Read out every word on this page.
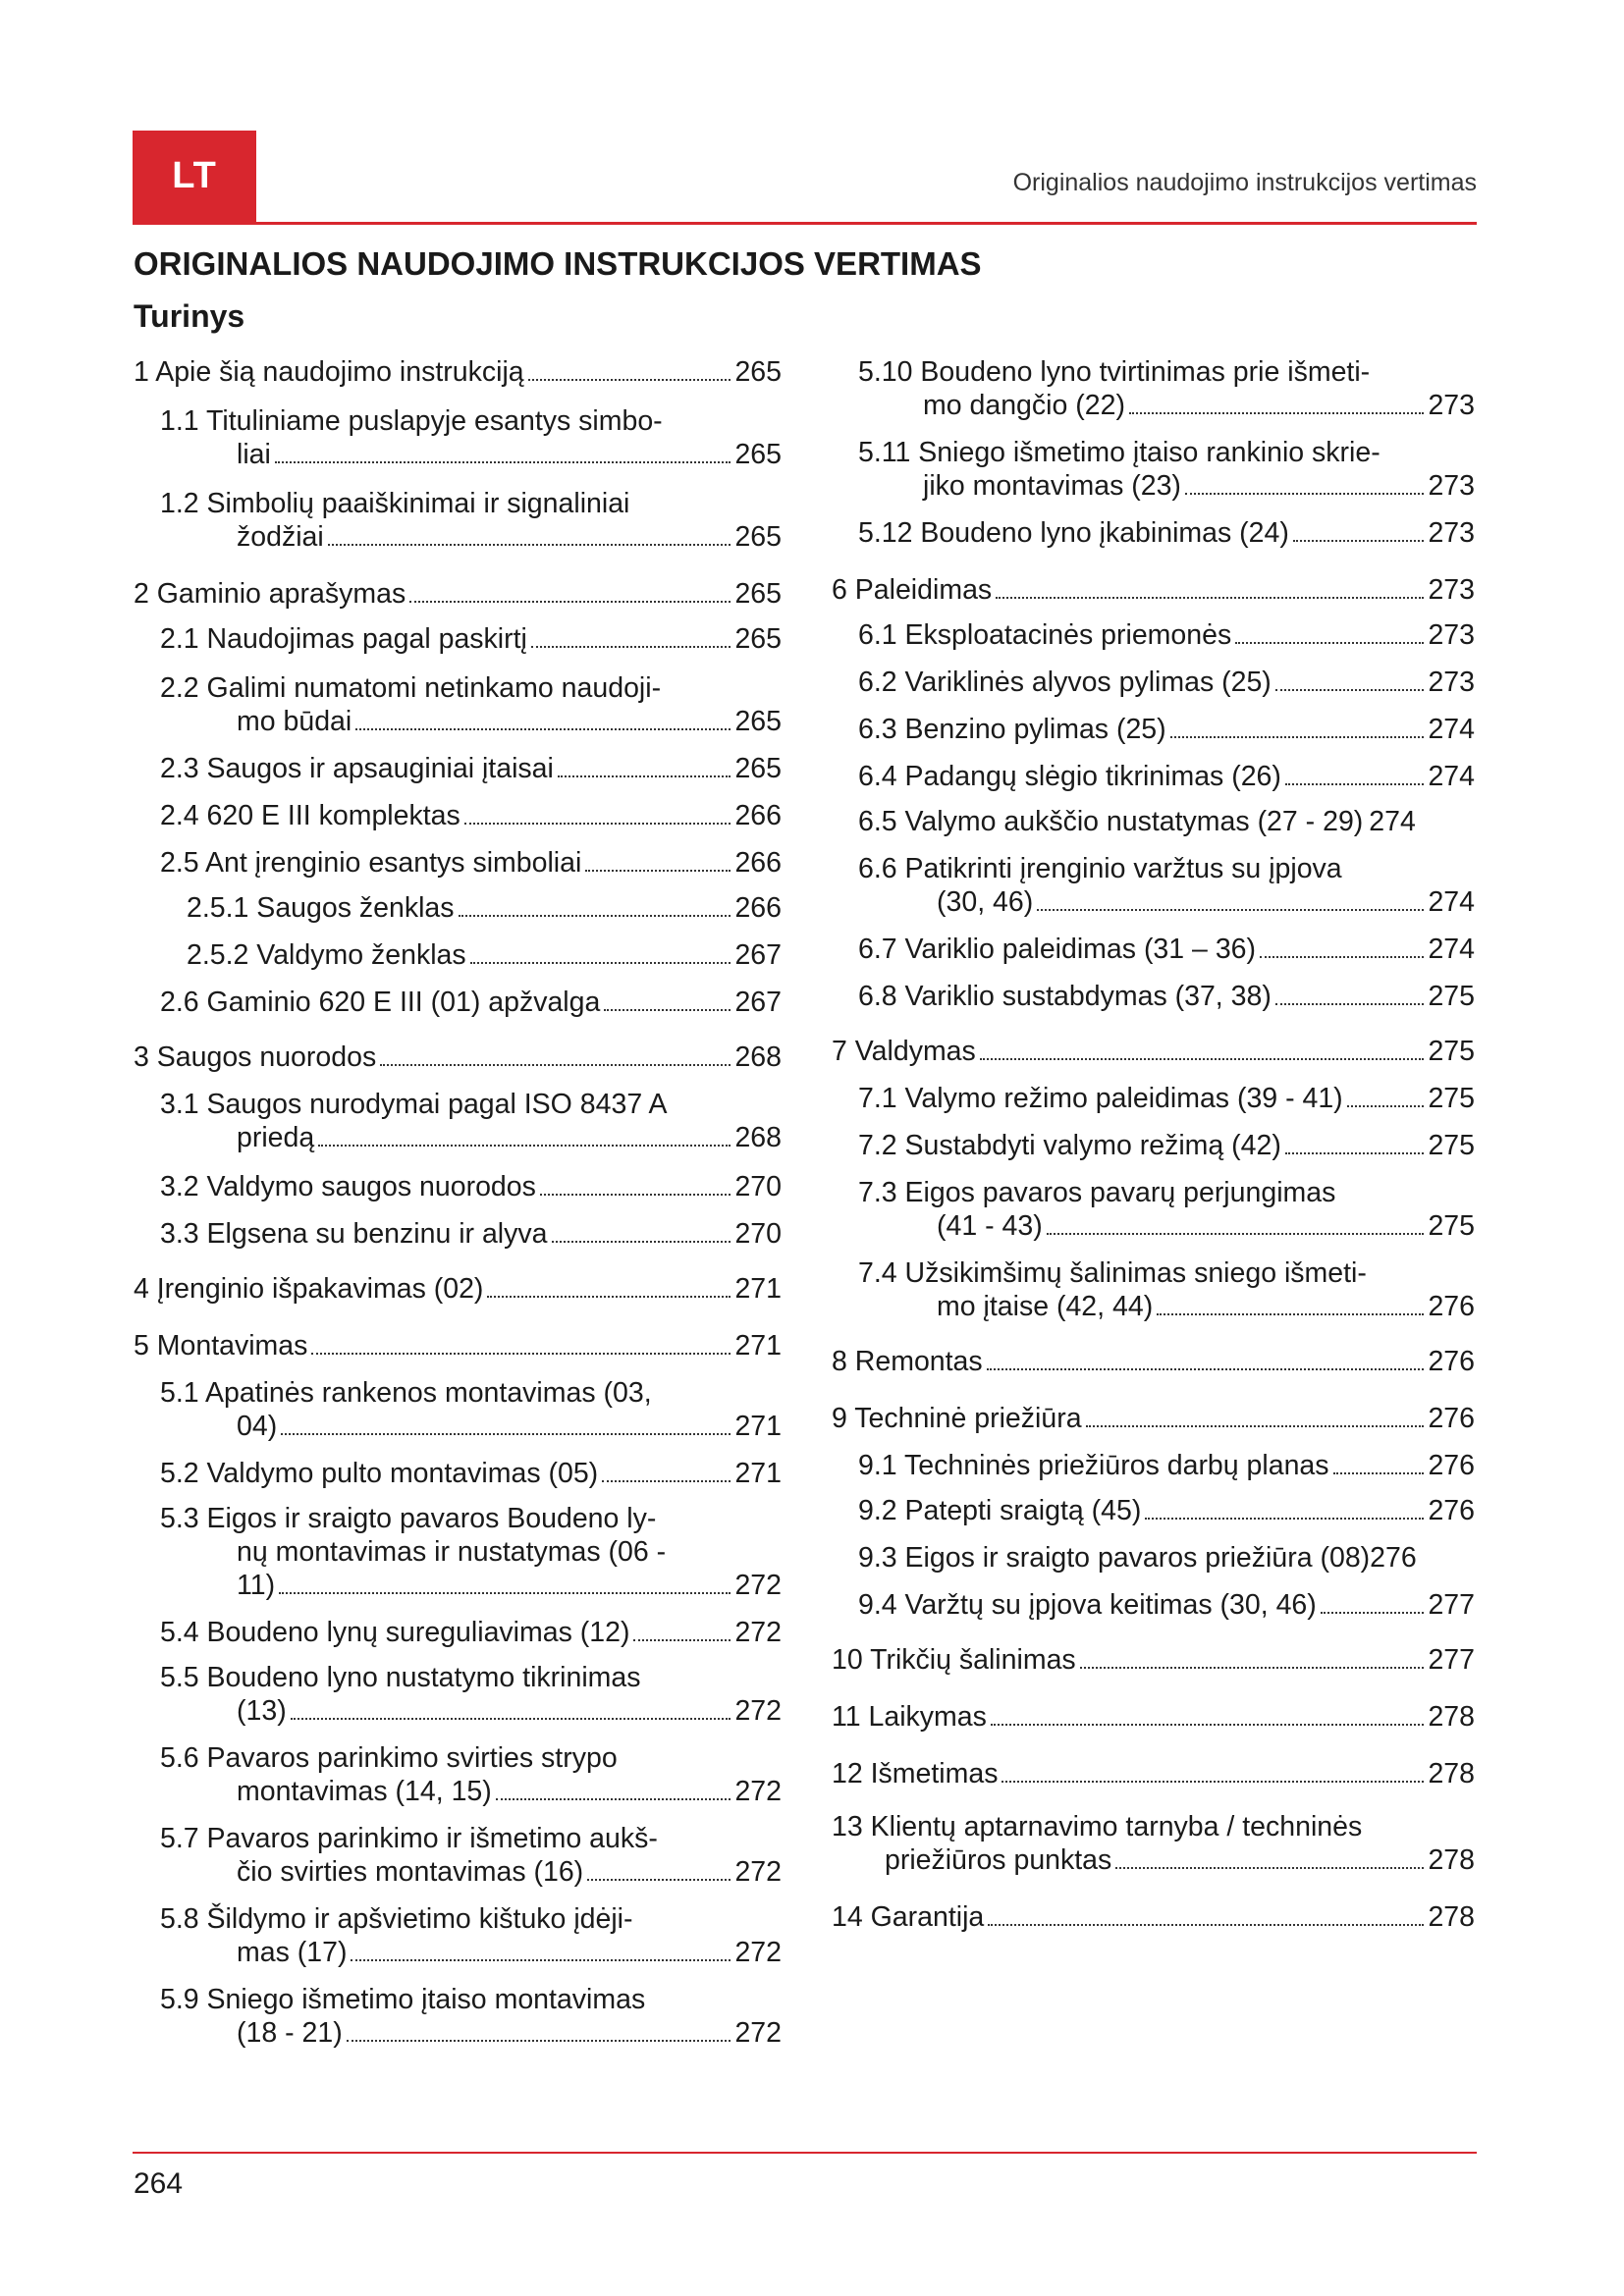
LT	Originalios naudojimo instrukcijos vertimas
ORIGINALIOS NAUDOJIMO INSTRUKCIJOS VERTIMAS
Turinys
1 Apie šią naudojimo instrukciją	265
1.1 Tituliniame puslapyje esantys simbo-
liai	265
1.2 Simbolių paaiškinimai ir signaliniai
žodžiai	265
2 Gaminio aprašymas	265
2.1 Naudojimas pagal paskirtį	265
2.2 Galimi numatomi netinkamo naudoji-
mo būdai	265
2.3 Saugos ir apsauginiai įtaisai	265
2.4 620 E III komplektas	266
2.5 Ant įrenginio esantys simboliai	266
2.5.1 Saugos ženklas	266
2.5.2 Valdymo ženklas	267
2.6 Gaminio 620 E III (01) apžvalga	267
3 Saugos nuorodos	268
3.1 Saugos nurodymai pagal ISO 8437 A
priedą	268
3.2 Valdymo saugos nuorodos	270
3.3 Elgsena su benzinu ir alyva	270
4 Įrenginio išpakavimas (02)	271
5 Montavimas	271
5.1 Apatinės rankenos montavimas (03,
04)	271
5.2 Valdymo pulto montavimas (05)	271
5.3 Eigos ir sraigto pavaros Boudeno ly-
nų montavimas ir nustatymas (06 -
11)	272
5.4 Boudeno lynų sureguliavimas (12)	272
5.5 Boudeno lyno nustatymo tikrinimas
(13)	272
5.6 Pavaros parinkimo svirties strypo
montavimas (14, 15)	272
5.7 Pavaros parinkimo ir išmetimo aukš-
čio svirties montavimas (16)	272
5.8 Šildymo ir apšvietimo kištuko įdėji-
mas (17)	272
5.9 Sniego išmetimo įtaiso montavimas
(18 - 21)	272
5.10 Boudeno lyno tvirtinimas prie išmeti-
mo dangčio (22)	273
5.11 Sniego išmetimo įtaiso rankinio skrie-
jiko montavimas (23)	273
5.12 Boudeno lyno įkabinimas (24)	273
6 Paleidimas	273
6.1 Eksploatacinės priemonės	273
6.2 Variklinės alyvos pylimas (25)	273
6.3 Benzino pylimas (25)	274
6.4 Padangų slėgio tikrinimas (26)	274
6.5 Valymo aukščio nustatymas (27 - 29) 274
6.6 Patikrinti įrenginio varžtus su įpjova
(30, 46)	274
6.7 Variklio paleidimas (31 – 36)	274
6.8 Variklio sustabdymas (37, 38)	275
7 Valdymas	275
7.1 Valymo režimo paleidimas (39 - 41)	275
7.2 Sustabdyti valymo režimą (42)	275
7.3 Eigos pavaros pavarų perjungimas
(41 - 43)	275
7.4 Užsikimšimų šalinimas sniego išmeti-
mo įtaise (42, 44)	276
8 Remontas	276
9 Techninė priežiūra	276
9.1 Techninės priežiūros darbų planas	276
9.2 Patepti sraigtą (45)	276
9.3 Eigos ir sraigto pavaros priežiūra (08) 276
9.4 Varžtų su įpjova keitimas (30, 46)	277
10 Trikčių šalinimas	277
11 Laikymas	278
12 Išmetimas	278
13 Klientų aptarnavimo tarnyba / techninės
priežiūros punktas	278
14 Garantija	278
264
